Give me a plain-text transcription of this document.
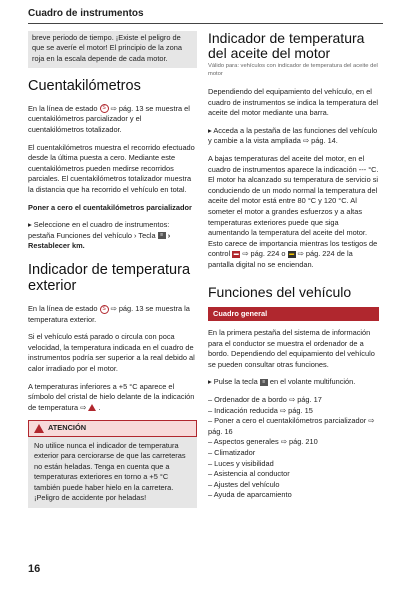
Cuadro de instrumentos
breve periodo de tiempo. ¡Existe el peligro de que se averíe el motor! El principio de la zona roja en la escala depende de cada motor.
Cuentakilómetros

En la línea de estado S ⇨ pág. 13 se muestra el cuentakilómetros parcializador y el cuentakilómetros totalizador.

El cuentakilómetros muestra el recorrido efectuado desde la última puesta a cero. Mediante este cuentakilómetros pueden medirse recorridos parciales. El cuentakilómetros totalizador muestra la distancia que ha recorrido el vehículo en total.

Poner a cero el cuentakilómetros parcializador

▸ Seleccione en el cuadro de instrumentos: pestaña Funciones del vehículo › Tecla ≡ › Restablecer km.

Indicador de temperatura exterior

En la línea de estado S ⇨ pág. 13 se muestra la temperatura exterior.

Si el vehículo está parado o circula con poca velocidad, la temperatura indicada en el cuadro de instrumentos podría ser superior a la real debido al calor irradiado por el motor.

A temperaturas inferiores a +5 °C aparece el símbolo del cristal de hielo delante de la indicación de temperatura ⇨ .

ATENCIÓN
No utilice nunca el indicador de temperatura exterior para cerciorarse de que las carreteras no están heladas. Tenga en cuenta que a temperaturas exteriores en torno a +5 °C también puede haber hielo en la carretera. ¡Peligro de accidente por heladas!
Indicador de temperatura del aceite del motor

Válido para: vehículos con indicador de temperatura del aceite del motor

Dependiendo del equipamiento del vehículo, en el cuadro de instrumentos se indica la temperatura del aceite del motor mediante una barra.

▸ Acceda a la pestaña de las funciones del vehículo y cambie a la vista ampliada ⇨ pág. 14.

A bajas temperaturas del aceite del motor, en el cuadro de instrumentos aparece la indicación --- °C. El motor ha alcanzado su temperatura de servicio si conduciendo de un modo normal la temperatura del aceite del motor está entre 80 °C y 120 °C. Al someter el motor a grandes esfuerzos y a altas temperaturas exteriores puede que siga aumentando la temperatura del aceite del motor. Esto carece de importancia mientras los testigos de control ▬ ⇨ pág. 224 o ▬ ⇨ pág. 224 de la pantalla digital no se enciendan.

Funciones del vehículo
Cuadro general

En la primera pestaña del sistema de información para el conductor se muestra el ordenador de a bordo. Dependiendo del equipamiento del vehículo se pueden consultar otras funciones.

▸ Pulse la tecla ≡ en el volante multifunción.

– Ordenador de a bordo ⇨ pág. 17
– Indicación reducida ⇨ pág. 15
– Poner a cero el cuentakilómetros parcializador ⇨ pág. 16
– Aspectos generales ⇨ pág. 210
– Climatizador
– Luces y visibilidad
– Asistencia al conductor
– Ajustes del vehículo
– Ayuda de aparcamiento
16
